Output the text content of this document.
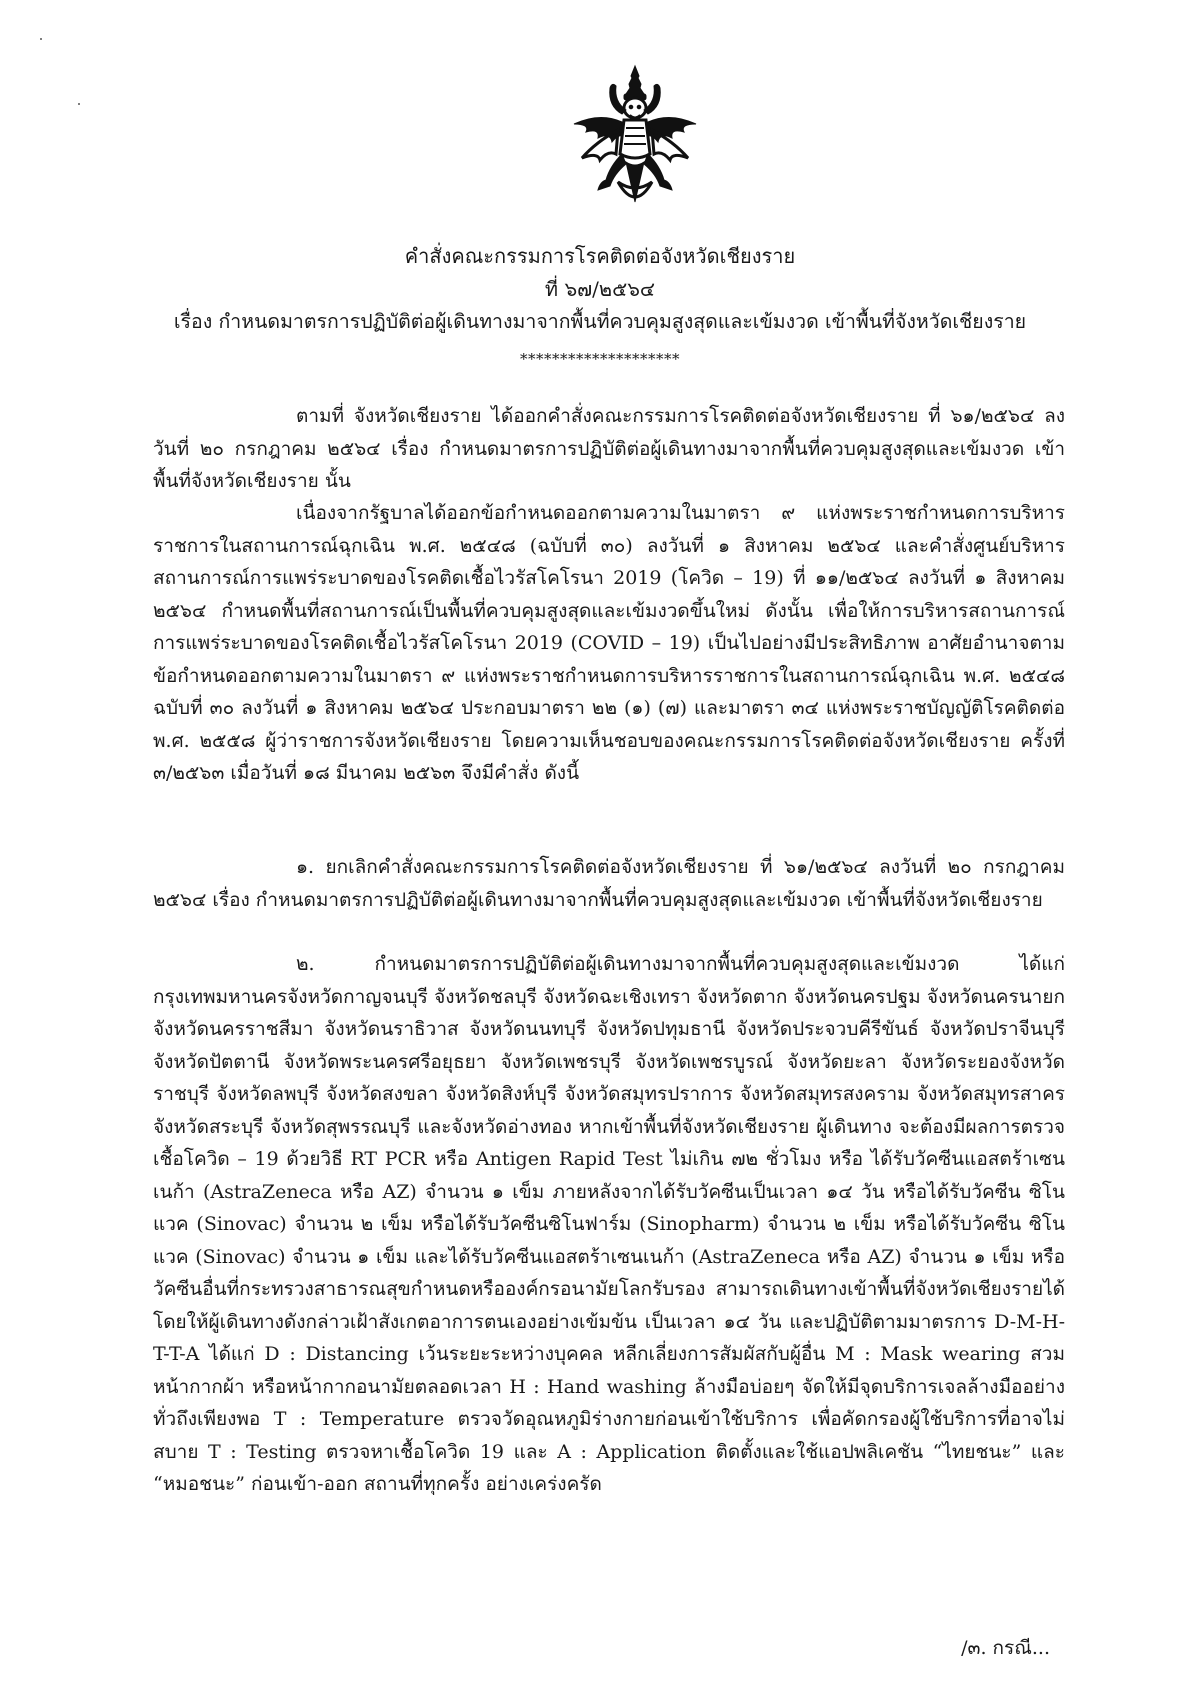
คำสั่งคณะกรรมการโรคติดต่อจังหวัดเชียงราย
ที่ ๖๗/๒๕๖๔
เรื่อง กำหนดมาตรการปฏิบัติต่อผู้เดินทางมาจากพื้นที่ควบคุมสูงสุดและเข้มงวด เข้าพื้นที่จังหวัดเชียงราย
********************

ตามที่ จังหวัดเชียงราย ได้ออกคำสั่งคณะกรรมการโรคติดต่อจังหวัดเชียงราย ที่ ๖๑/๒๕๖๔ ลงวันที่ ๒๐ กรกฎาคม ๒๕๖๔ เรื่อง กำหนดมาตรการปฏิบัติต่อผู้เดินทางมาจากพื้นที่ควบคุมสูงสุดและเข้มงวด เข้าพื้นที่จังหวัดเชียงราย นั้น

เนื่องจากรัฐบาลได้ออกข้อกำหนดออกตามความในมาตรา ๙ แห่งพระราชกำหนดการบริหารราชการในสถานการณ์ฉุกเฉิน พ.ศ. ๒๕๔๘ (ฉบับที่ ๓๐) ลงวันที่ ๑ สิงหาคม ๒๕๖๔ และคำสั่งศูนย์บริหารสถานการณ์การแพร่ระบาดของโรคติดเชื้อไวรัสโคโรนา 2019 (โควิด – 19) ที่ ๑๑/๒๕๖๔ ลงวันที่ ๑ สิงหาคม ๒๕๖๔ กำหนดพื้นที่สถานการณ์เป็นพื้นที่ควบคุมสูงสุดและเข้มงวดขึ้นใหม่ ดังนั้น เพื่อให้การบริหารสถานการณ์การแพร่ระบาดของโรคติดเชื้อไวรัสโคโรนา 2019 (COVID – 19) เป็นไปอย่างมีประสิทธิภาพ อาศัยอำนาจตามข้อกำหนดออกตามความในมาตรา ๙ แห่งพระราชกำหนดการบริหารราชการในสถานการณ์ฉุกเฉิน พ.ศ. ๒๕๔๘ ฉบับที่ ๓๐ ลงวันที่ ๑ สิงหาคม ๒๕๖๔ ประกอบมาตรา ๒๒ (๑) (๗) และมาตรา ๓๔ แห่งพระราชบัญญัติโรคติดต่อ พ.ศ. ๒๕๕๘ ผู้ว่าราชการจังหวัดเชียงราย โดยความเห็นชอบของคณะกรรมการโรคติดต่อจังหวัดเชียงราย ครั้งที่ ๓/๒๕๖๓ เมื่อวันที่ ๑๘ มีนาคม ๒๕๖๓ จึงมีคำสั่ง ดังนี้

๑. ยกเลิกคำสั่งคณะกรรมการโรคติดต่อจังหวัดเชียงราย ที่ ๖๑/๒๕๖๔ ลงวันที่ ๒๐ กรกฎาคม ๒๕๖๔ เรื่อง กำหนดมาตรการปฏิบัติต่อผู้เดินทางมาจากพื้นที่ควบคุมสูงสุดและเข้มงวด เข้าพื้นที่จังหวัดเชียงราย

๒. กำหนดมาตรการปฏิบัติต่อผู้เดินทางมาจากพื้นที่ควบคุมสูงสุดและเข้มงวด ได้แก่ กรุงเทพมหานครจังหวัดกาญจนบุรี จังหวัดชลบุรี จังหวัดฉะเชิงเทรา จังหวัดตาก จังหวัดนครปฐม จังหวัดนครนายก จังหวัดนครราชสีมา จังหวัดนราธิวาส จังหวัดนนทบุรี จังหวัดปทุมธานี จังหวัดประจวบคีรีขันธ์ จังหวัดปราจีนบุรีจังหวัดปัตตานี จังหวัดพระนครศรีอยุธยา จังหวัดเพชรบุรี จังหวัดเพชรบูรณ์ จังหวัดยะลา จังหวัดระยองจังหวัดราชบุรี จังหวัดลพบุรี จังหวัดสงขลา จังหวัดสิงห์บุรี จังหวัดสมุทรปราการ จังหวัดสมุทรสงคราม จังหวัดสมุทรสาคร จังหวัดสระบุรี จังหวัดสุพรรณบุรี และจังหวัดอ่างทอง หากเข้าพื้นที่จังหวัดเชียงราย ผู้เดินทาง จะต้องมีผลการตรวจเชื้อโควิด – 19 ด้วยวิธี RT PCR หรือ Antigen Rapid Test ไม่เกิน ๗๒ ชั่วโมง หรือ ได้รับวัคซีนแอสตร้าเซนเนก้า (AstraZeneca หรือ AZ) จำนวน ๑ เข็ม ภายหลังจากได้รับวัคซีนเป็นเวลา ๑๔ วัน หรือได้รับวัคซีน ซิโนแวค (Sinovac) จำนวน ๒ เข็ม หรือได้รับวัคซีนซิโนฟาร์ม (Sinopharm) จำนวน ๒ เข็ม หรือได้รับวัคซีน ซิโนแวค (Sinovac) จำนวน ๑ เข็ม และได้รับวัคซีนแอสตร้าเซนเนก้า (AstraZeneca หรือ AZ) จำนวน ๑ เข็ม หรือวัคซีนอื่นที่กระทรวงสาธารณสุขกำหนดหรือองค์กรอนามัยโลกรับรอง สามารถเดินทางเข้าพื้นที่จังหวัดเชียงรายได้ โดยให้ผู้เดินทางดังกล่าวเฝ้าสังเกตอาการตนเองอย่างเข้มข้น เป็นเวลา ๑๔ วัน และปฏิบัติตามมาตรการ D-M-H-T-T-A ได้แก่ D : Distancing เว้นระยะระหว่างบุคคล หลีกเลี่ยงการสัมผัสกับผู้อื่น M : Mask wearing สวมหน้ากากผ้า หรือหน้ากากอนามัยตลอดเวลา H : Hand washing ล้างมือบ่อยๆ จัดให้มีจุดบริการเจลล้างมืออย่างทั่วถึงเพียงพอ T : Temperature ตรวจวัดอุณหภูมิร่างกายก่อนเข้าใช้บริการ เพื่อคัดกรองผู้ใช้บริการที่อาจไม่สบาย T : Testing ตรวจหาเชื้อโควิด 19 และ A : Application ติดตั้งและใช้แอปพลิเคชัน “ไทยชนะ” และ “หมอชนะ” ก่อนเข้า-ออก สถานที่ทุกครั้ง อย่างเคร่งครัด

/๓. กรณี...
